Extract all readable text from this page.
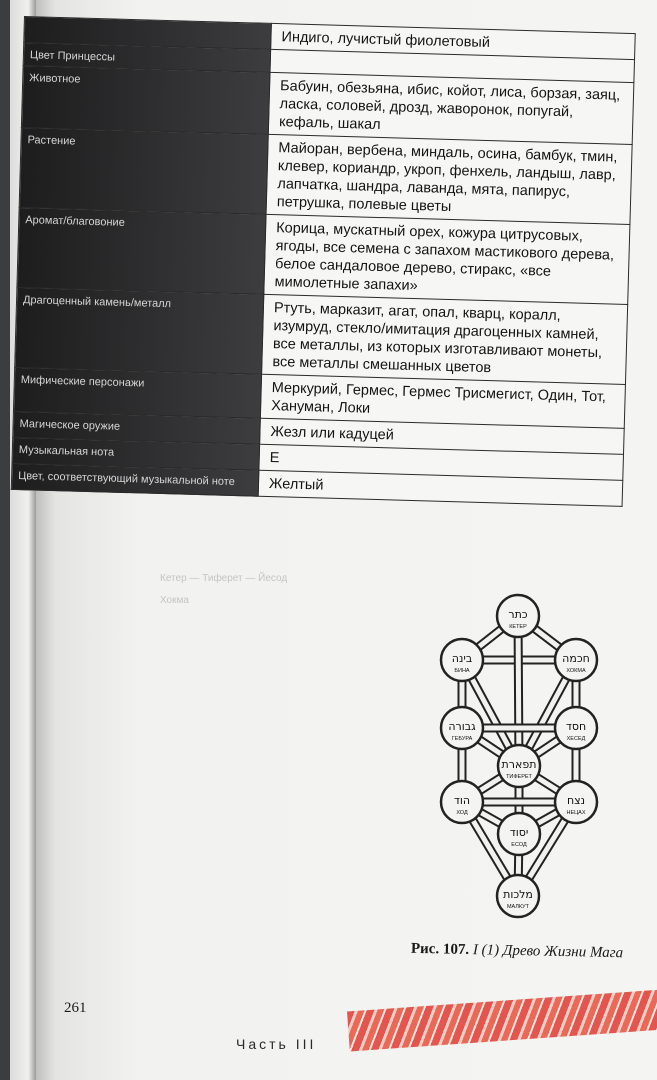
	Индиго, лучистый фиолетовый
Цвет Принцессы	
Животное	Бабуин, обезьяна, ибис, койот, лиса, борзая, заяц, ласка, соловей, дрозд, жаворонок, попугай, кефаль, шакал
Растение	Майоран, вербена, миндаль, осина, бамбук, тмин, клевер, кориандр, укроп, фенхель, ландыш, лавр, лапчатка, шандра, лаванда, мята, папирус, петрушка, полевые цветы
Аромат/благовоние	Корица, мускатный орех, кожура цитрусовых, ягоды, все семена с запахом мастикового дерева, белое сандаловое дерево, стиракс, «все мимолетные запахи»
Драгоценный камень/металл	Ртуть, марказит, агат, опал, кварц, коралл, изумруд, стекло/имитация драгоценных камней, все металлы, из которых изготавливают монеты, все металлы смешанных цветов
Мифические персонажи	Меркурий, Гермес, Гермес Трисмегист, Один, Тот, Хануман, Локи
Магическое оружие	Жезл или кадуцей
Музыкальная нота	E
Цвет, соответствующий музыкальной ноте	Желтый
Кетер — Тиферет — Йесод
Хокма
כתר
КЕТЕР
חכמה
ХОКМА
בינה
БИНА
חסד
ХЕСЕД
גבורה
ГЕБУРА
תפארת
ТИФЕРЕТ
נצח
НЕЦАХ
הוד
ХОД
יסוד
ЕСОД
מלכות
МАЛКУТ
Рис. 107. I (1) Древо Жизни Мага
261
Часть III
